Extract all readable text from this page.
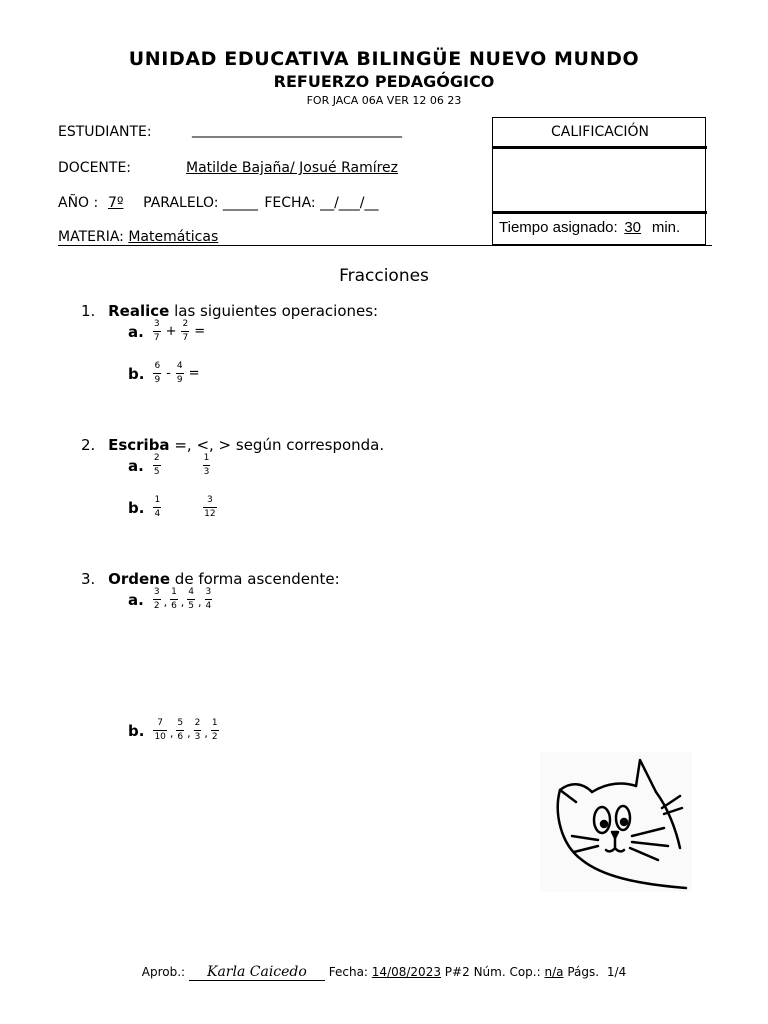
UNIDAD EDUCATIVA BILINGÜE NUEVO MUNDO
REFUERZO PEDAGÓGICO
FOR JACA 06A VER 12 06 23
ESTUDIANTE:	______________________________
DOCENTE:	Matilde Bajaña/ Josué Ramírez
AÑO : 7º PARALELO: _____ FECHA: __/___/__
MATERIA: Matemáticas
CALIFICACIÓN
Tiempo asignado: 30 min.
Fracciones
1. Realice las siguientes operaciones:
a. $\frac{3}{7} + \frac{2}{7}$ =
b. $\frac{6}{9} - \frac{4}{9}$ =
2. Escriba =, <, > según corresponda.
a. $\frac{2}{5}$	$\frac{1}{3}$
b. $\frac{1}{4}$	$\frac{3}{12}$
3. Ordene de forma ascendente:
a. $\frac{3}{2}$ , $\frac{1}{6}$ , $\frac{4}{5}$ , $\frac{3}{4}$
b. $\frac{7}{10}$ , $\frac{5}{6}$ , $\frac{2}{3}$ , $\frac{1}{2}$
Aprob.: Karla Caicedo Fecha: 14/08/2023 P#2 Núm. Cop.: n/a Págs. 1/4
